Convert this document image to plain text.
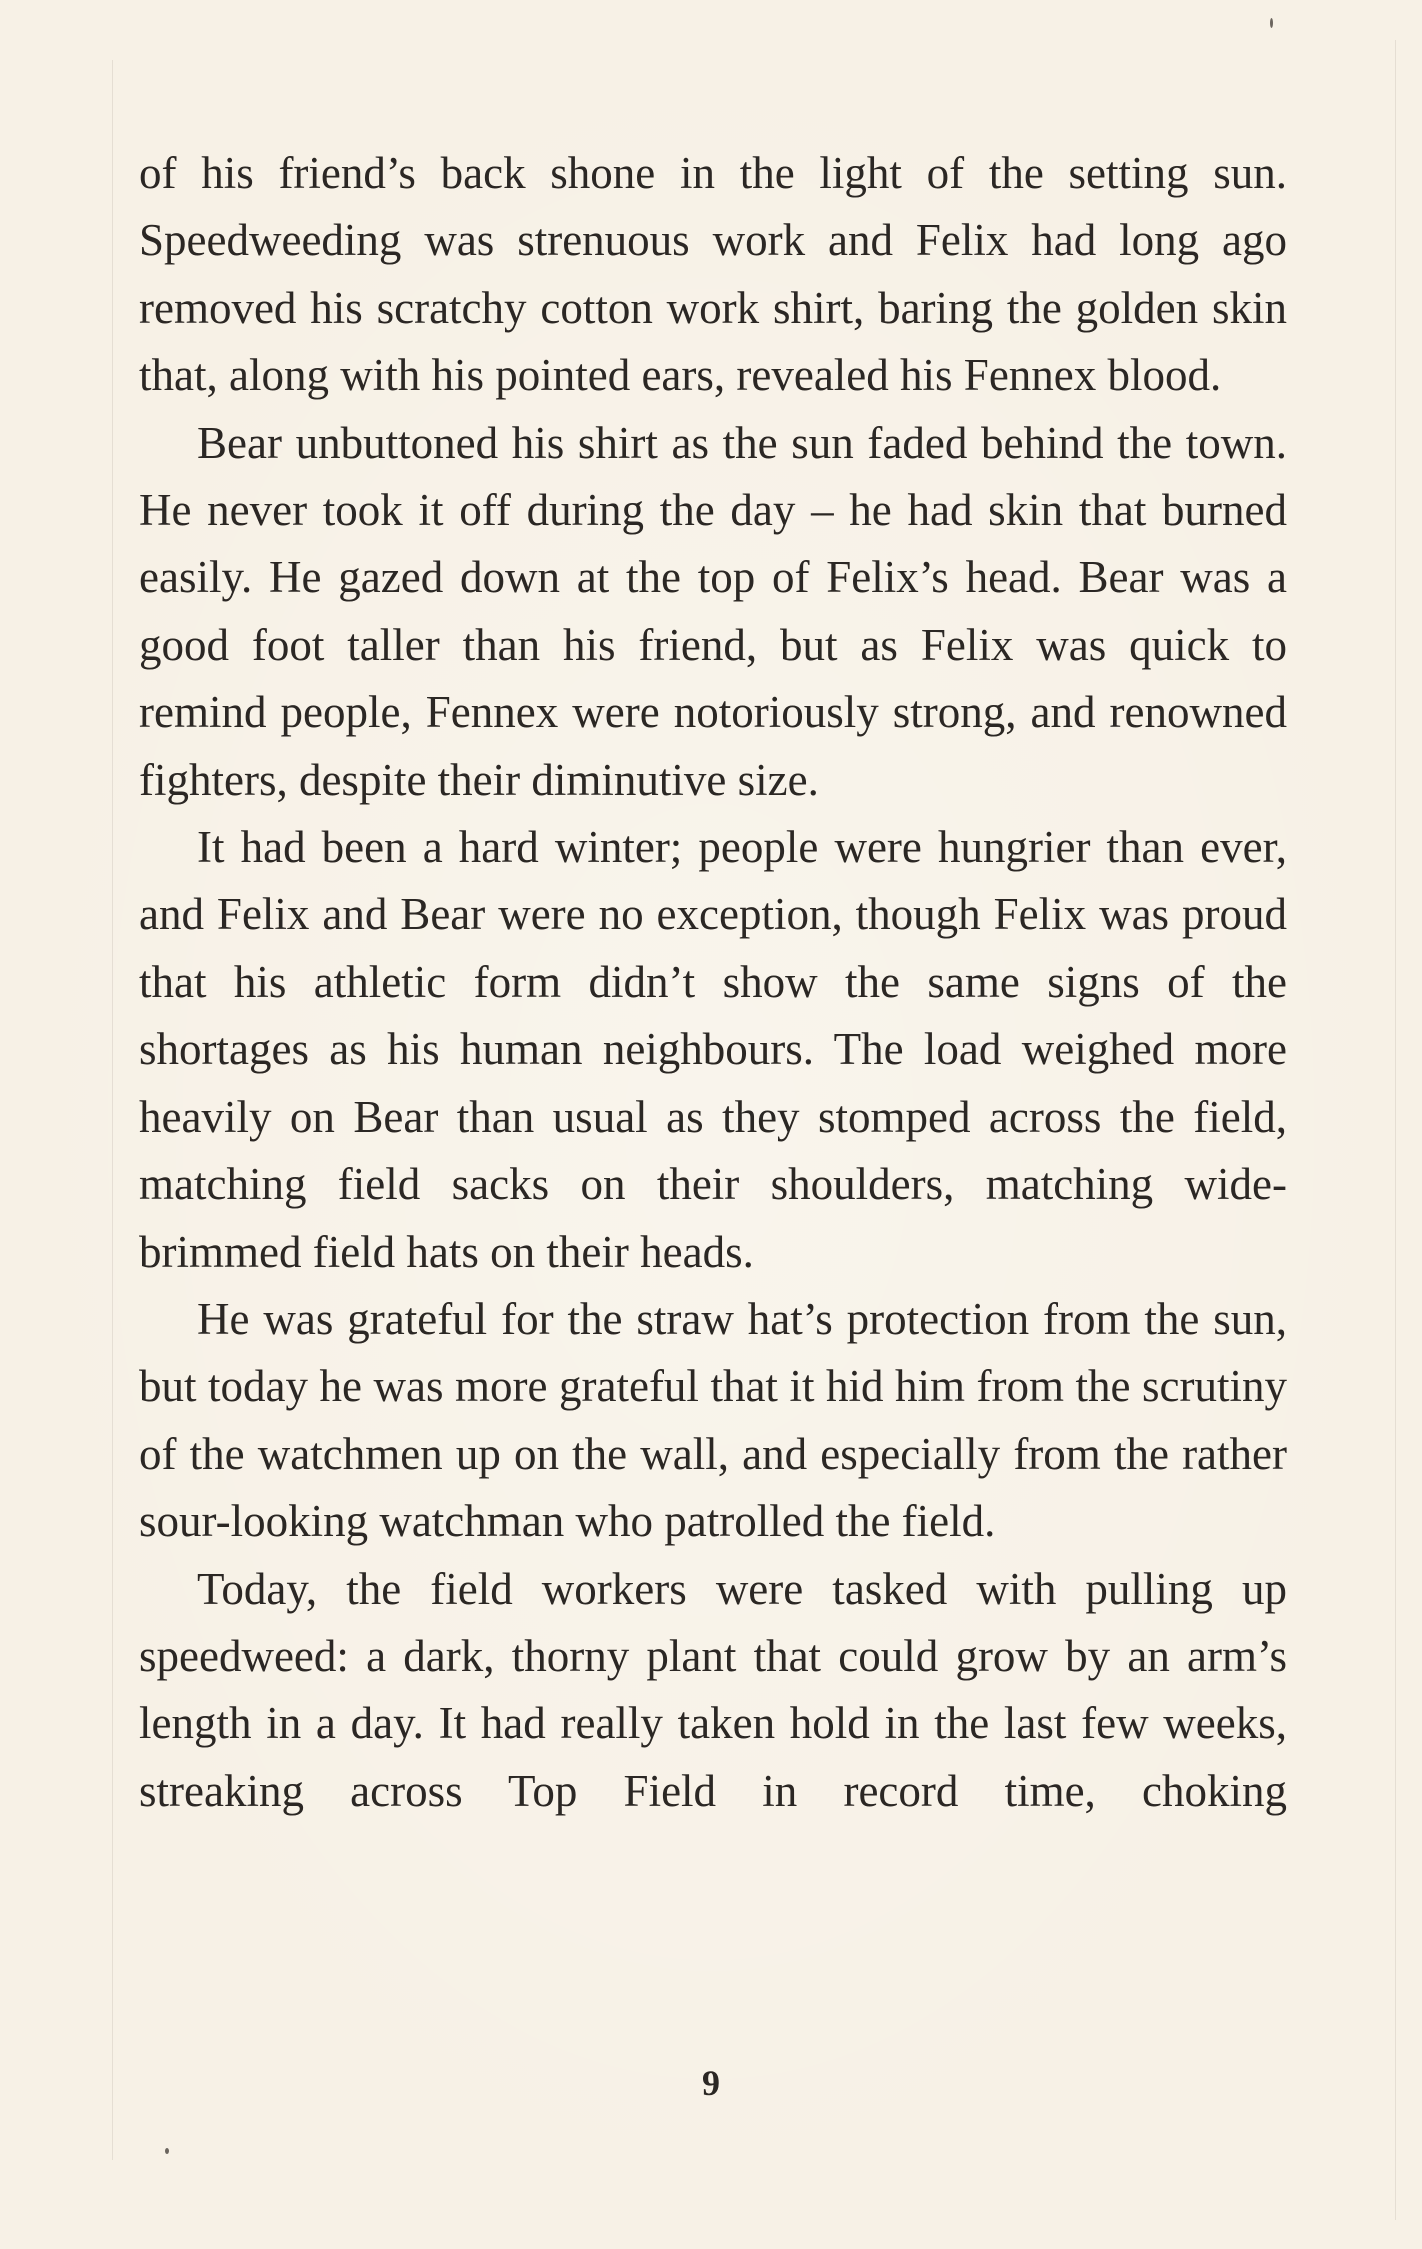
of his friend’s back shone in the light of the setting sun. Speedweeding was strenuous work and Felix had long ago removed his scratchy cotton work shirt, baring the golden skin that, along with his pointed ears, revealed his Fennex blood.

Bear unbuttoned his shirt as the sun faded behind the town. He never took it off during the day – he had skin that burned easily. He gazed down at the top of Felix’s head. Bear was a good foot taller than his friend, but as Felix was quick to remind people, Fennex were notoriously strong, and renowned fighters, despite their diminutive size.

It had been a hard winter; people were hungrier than ever, and Felix and Bear were no exception, though Felix was proud that his athletic form didn’t show the same signs of the shortages as his human neighbours. The load weighed more heavily on Bear than usual as they stomped across the field, matching field sacks on their shoulders, matching wide-brimmed field hats on their heads.

He was grateful for the straw hat’s protection from the sun, but today he was more grateful that it hid him from the scrutiny of the watchmen up on the wall, and especially from the rather sour-looking watchman who patrolled the field.

Today, the field workers were tasked with pulling up speedweed: a dark, thorny plant that could grow by an arm’s length in a day. It had really taken hold in the last few weeks, streaking across Top Field in record time, choking

9
